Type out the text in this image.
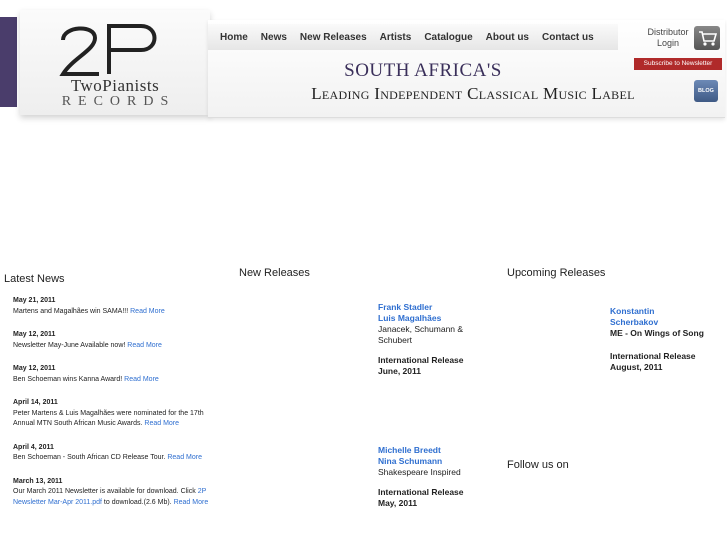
TwoPianists
RECORDS
Home News New Releases Artists Catalogue About us Contact us	Distributor
Login
Subscribe to Newsletter
BLOG
SOUTH AFRICA'S
Leading Independent Classical Music Label
Latest News	New Releases	Upcoming Releases
Follow us on
May 21, 2011
Martens and Magalhães win SAMA!!! Read More
May 12, 2011
Newsletter May-June Available now! Read More
May 12, 2011
Ben Schoeman wins Kanna Award! Read More
April 14, 2011
Peter Martens & Luis Magalhães were nominated for the 17th Annual MTN South African Music Awards. Read More
April 4, 2011
Ben Schoeman - South African CD Release Tour. Read More
March 13, 2011
Our March 2011 Newsletter is available for download. Click 2P Newsletter Mar-Apr 2011.pdf to download.(2.6 Mb). Read More
Frank Stadler
Luis Magalhães
Janacek, Schumann & Schubert
International Release
June, 2011
Michelle Breedt
Nina Schumann
Shakespeare Inspired
International Release
May, 2011
Konstantin
Scherbakov
ME - On Wings of Song
International Release
August, 2011
